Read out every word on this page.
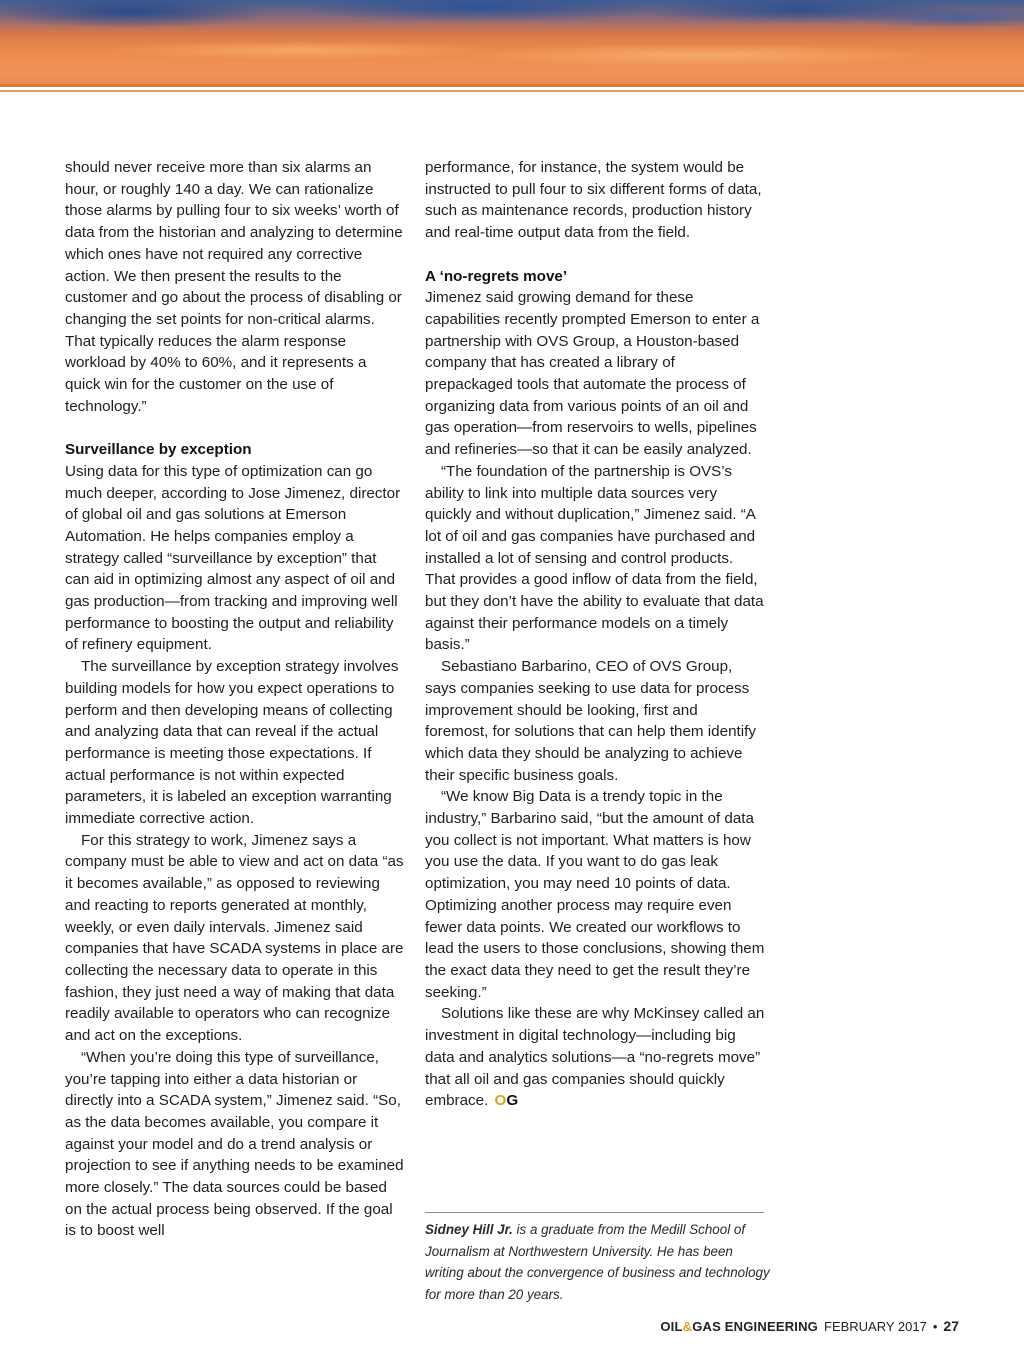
should never receive more than six alarms an hour, or roughly 140 a day. We can rationalize those alarms by pulling four to six weeks’ worth of data from the historian and analyzing to determine which ones have not required any corrective action. We then present the results to the customer and go about the process of disabling or changing the set points for non-critical alarms. That typically reduces the alarm response workload by 40% to 60%, and it represents a quick win for the customer on the use of technology.”

Surveillance by exception

Using data for this type of optimization can go much deeper, according to Jose Jimenez, director of global oil and gas solutions at Emerson Automation. He helps companies employ a strategy called “surveillance by exception” that can aid in optimizing almost any aspect of oil and gas production—from tracking and improving well performance to boosting the output and reliability of refinery equipment.

The surveillance by exception strategy involves building models for how you expect operations to perform and then developing means of collecting and analyzing data that can reveal if the actual performance is meeting those expectations. If actual performance is not within expected parameters, it is labeled an exception warranting immediate corrective action.

For this strategy to work, Jimenez says a company must be able to view and act on data “as it becomes available,” as opposed to reviewing and reacting to reports generated at monthly, weekly, or even daily intervals. Jimenez said companies that have SCADA systems in place are collecting the necessary data to operate in this fashion, they just need a way of making that data readily available to operators who can recognize and act on the exceptions.

“When you’re doing this type of surveillance, you’re tapping into either a data historian or directly into a SCADA system,” Jimenez said. “So, as the data becomes available, you compare it against your model and do a trend analysis or projection to see if anything needs to be examined more closely.” The data sources could be based on the actual process being observed. If the goal is to boost well

performance, for instance, the system would be instructed to pull four to six different forms of data, such as maintenance records, production history and real-time output data from the field.

A ‘no-regrets move’

Jimenez said growing demand for these capabilities recently prompted Emerson to enter a partnership with OVS Group, a Houston-based company that has created a library of prepackaged tools that automate the process of organizing data from various points of an oil and gas operation—from reservoirs to wells, pipelines and refineries—so that it can be easily analyzed.

“The foundation of the partnership is OVS’s ability to link into multiple data sources very quickly and without duplication,” Jimenez said. “A lot of oil and gas companies have purchased and installed a lot of sensing and control products. That provides a good inflow of data from the field, but they don’t have the ability to evaluate that data against their performance models on a timely basis.”

Sebastiano Barbarino, CEO of OVS Group, says companies seeking to use data for process improvement should be looking, first and foremost, for solutions that can help them identify which data they should be analyzing to achieve their specific business goals.

“We know Big Data is a trendy topic in the industry,” Barbarino said, “but the amount of data you collect is not important. What matters is how you use the data. If you want to do gas leak optimization, you may need 10 points of data. Optimizing another process may require even fewer data points. We created our workflows to lead the users to those conclusions, showing them the exact data they need to get the result they’re seeking.”

Solutions like these are why McKinsey called an investment in digital technology—including big data and analytics solutions—a “no-regrets move” that all oil and gas companies should quickly embrace. OG

Sidney Hill Jr. is a graduate from the Medill School of Journalism at Northwestern University. He has been writing about the convergence of business and technology for more than 20 years.

OIL&GAS ENGINEERING FEBRUARY 2017 • 27
